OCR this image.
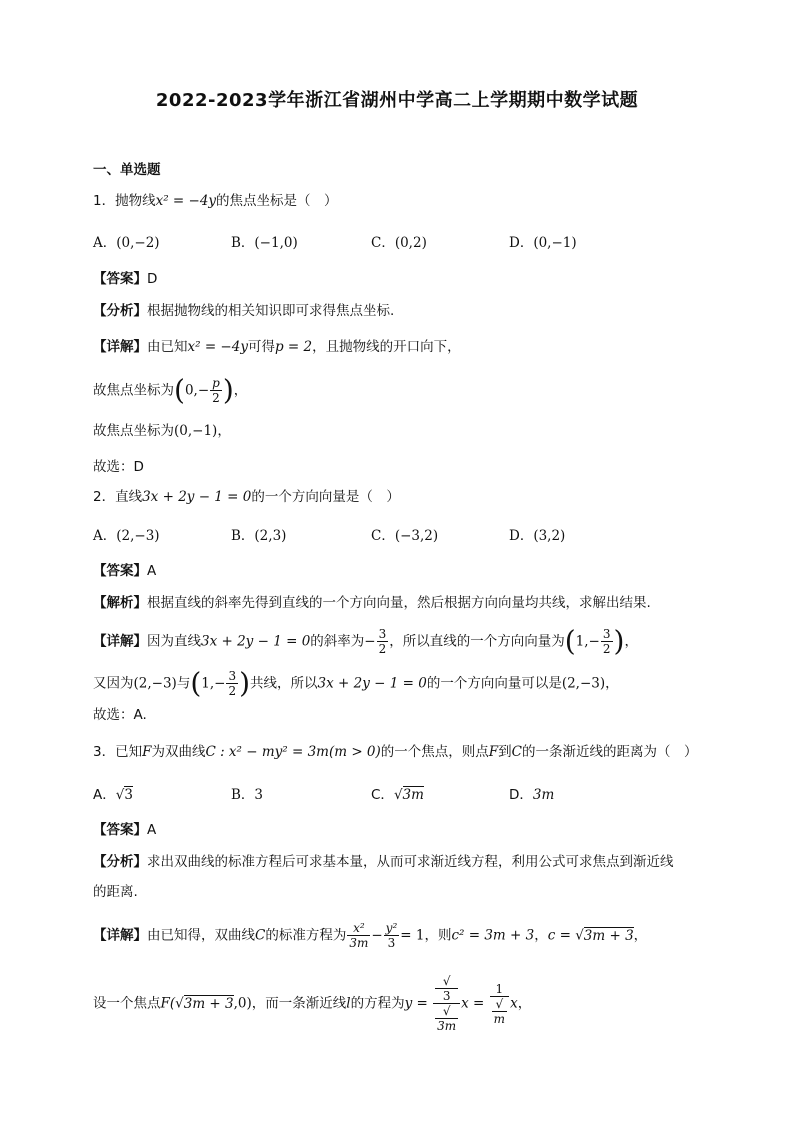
2022-2023学年浙江省湖州中学高二上学期期中数学试题
一、单选题
1．抛物线x² = −4y的焦点坐标是（　）
A．(0,−2)	B．(−1,0)	C．(0,2)	D．(0,−1)
【答案】D
【分析】根据抛物线的相关知识即可求得焦点坐标.
【详解】由已知x² = −4y可得p = 2，且抛物线的开口向下，
故焦点坐标为($0,- \frac{p}{2}$ )，
故焦点坐标为(0,−1)，
故选：D
2．直线3x + 2y − 1 = 0的一个方向向量是（　）
A．(2,−3)	B．(2,3)	C．(−3,2)	D．(3,2)
【答案】A
【解析】根据直线的斜率先得到直线的一个方向向量，然后根据方向向量均共线，求解出结果.
【详解】因为直线3x + 2y − 1 = 0的斜率为− $\frac{3}{2}$ ，所以直线的一个方向向量为($1,- \frac{3}{2}$ )，
又因为(2,−3)与($1,- \frac{3}{2}$ )共线，所以3x + 2y − 1 = 0的一个方向向量可以是(2,−3)，
故选：A.
3．已知F为双曲线C : x² − my² = 3m(m > 0)的一个焦点，则点F到C的一条渐近线的距离为（　）
A．√3	B．3	C．√3m	D．3m
【答案】A
【分析】求出双曲线的标准方程后可求基本量，从而可求渐近线方程，利用公式可求焦点到渐近线
的距离.
【详解】由已知得，双曲线C的标准方程为 $\frac{\text{x²}}{3m} - \frac{\text{y²}}{3} = 1$，则c² = 3m + 3，c = √3m + 3，
设一个焦点F(√3m + 3,0)，而一条渐近线l的方程为y = √
3
√
3m x = 1
√
m x，
